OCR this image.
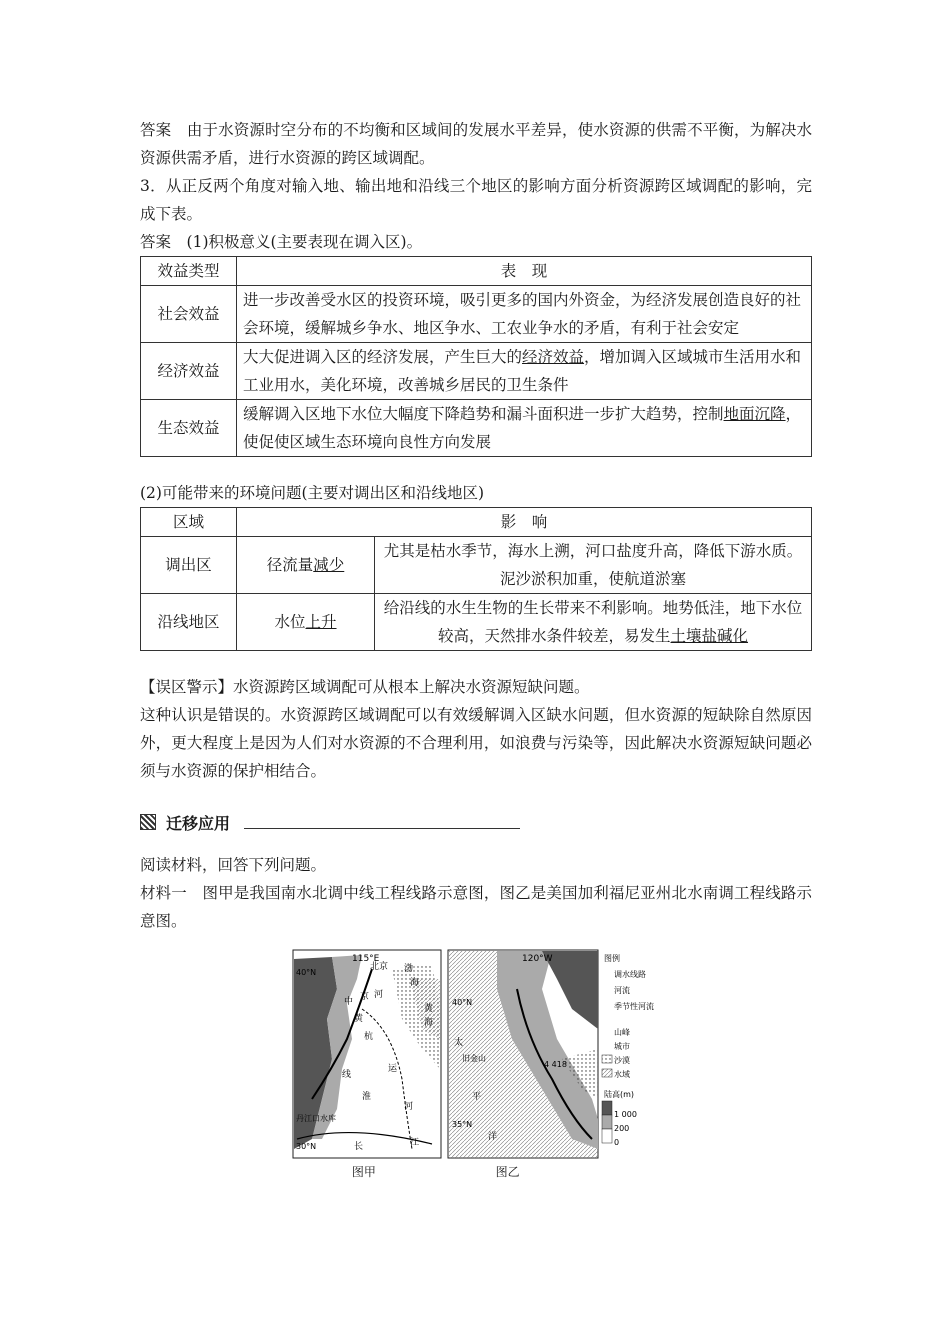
答案　 由于水资源时空分布的不均衡和区域间的发展水平差异，使水资源的供需不平衡，为解决水资源供需矛盾，进行水资源的跨区域调配。

3．从正反两个角度对输入地、输出地和沿线三个地区的影响方面分析资源跨区域调配的影响，完成下表。

答案　 (1)积极意义(主要表现在调入区)。

效益类型	表　现
社会效益	进一步改善受水区的投资环境，吸引更多的国内外资金，为经济发展创造良好的社会环境，缓解城乡争水、地区争水、工农业争水的矛盾，有利于社会安定
经济效益	大大促进调入区的经济发展，产生巨大的经济效益，增加调入区域城市生活用水和工业用水，美化环境，改善城乡居民的卫生条件
生态效益	缓解调入区地下水位大幅度下降趋势和漏斗面积进一步扩大趋势，控制地面沉降，使促使区域生态环境向良性方向发展

(2)可能带来的环境问题(主要对调出区和沿线地区)

区域	影　响	
调出区	径流量减少	尤其是枯水季节，海水上溯，河口盐度升高，降低下游水质。泥沙淤积加重，使航道淤塞
沿线地区	水位上升	给沿线的水生生物的生长带来不利影响。地势低洼，地下水位较高，天然排水条件较差，易发生土壤盐碱化

【误区警示】水资源跨区域调配可从根本上解决水资源短缺问题。

这种认识是错误的。水资源跨区域调配可以有效缓解调入区缺水问题，但水资源的短缺除自然原因外，更大程度上是因为人们对水资源的不合理利用，如浪费与污染等，因此解决水资源短缺问题必须与水资源的保护相结合。

迁移应用

阅读材料，回答下列问题。

材料一　图甲是我国南水北调中线工程线路示意图，图乙是美国加利福尼亚州北水南调工程线路示意图。

115°E
40°N
30°N
北京 渤
海
中 京 河
黄
杭
黄
海
线
运
淮
河
丹江口水库
长	江
120°W
40°N
35°N
太
旧金山
平
洋
4 418
图例
调水线路
河流
季节性河流
山峰
城市
沙漠
水域
陆高(m)
1 000
200
0
图甲	图乙
